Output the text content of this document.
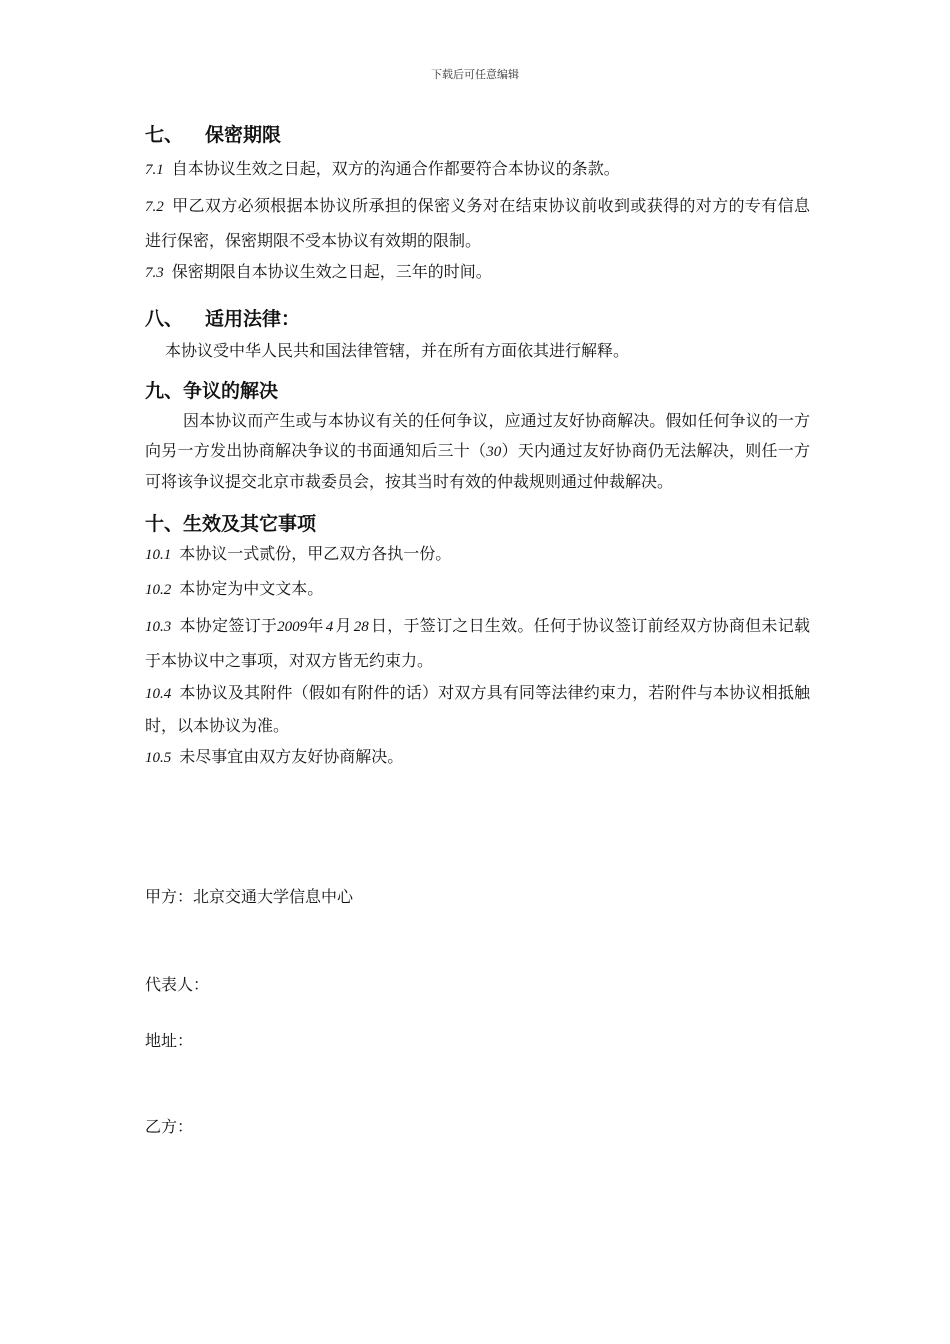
下载后可任意编辑
七、 保密期限

7.1 自本协议生效之日起，双方的沟通合作都要符合本协议的条款。

7.2 甲乙双方必须根据本协议所承担的保密义务对在结束协议前收到或获得的对方的专有信息进行保密，保密期限不受本协议有效期的限制。

7.3 保密期限自本协议生效之日起，三年的时间。

八、 适用法律：

本协议受中华人民共和国法律管辖，并在所有方面依其进行解释。

九、争议的解决

因本协议而产生或与本协议有关的任何争议，应通过友好协商解决。假如任何争议的一方向另一方发出协商解决争议的书面通知后三十（30）天内通过友好协商仍无法解决，则任一方可将该争议提交北京市裁委员会，按其当时有效的仲裁规则通过仲裁解决。

十、生效及其它事项

10.1 本协议一式贰份，甲乙双方各执一份。

10.2 本协定为中文文本。

10.3 本协定签订于2009年 4 月 28 日，于签订之日生效。任何于协议签订前经双方协商但未记载于本协议中之事项，对双方皆无约束力。

10.4 本协议及其附件（假如有附件的话）对双方具有同等法律约束力，若附件与本协议相抵触时，以本协议为准。

10.5 未尽事宜由双方友好协商解决。

甲方：北京交通大学信息中心

代表人：

地址：

乙方：
